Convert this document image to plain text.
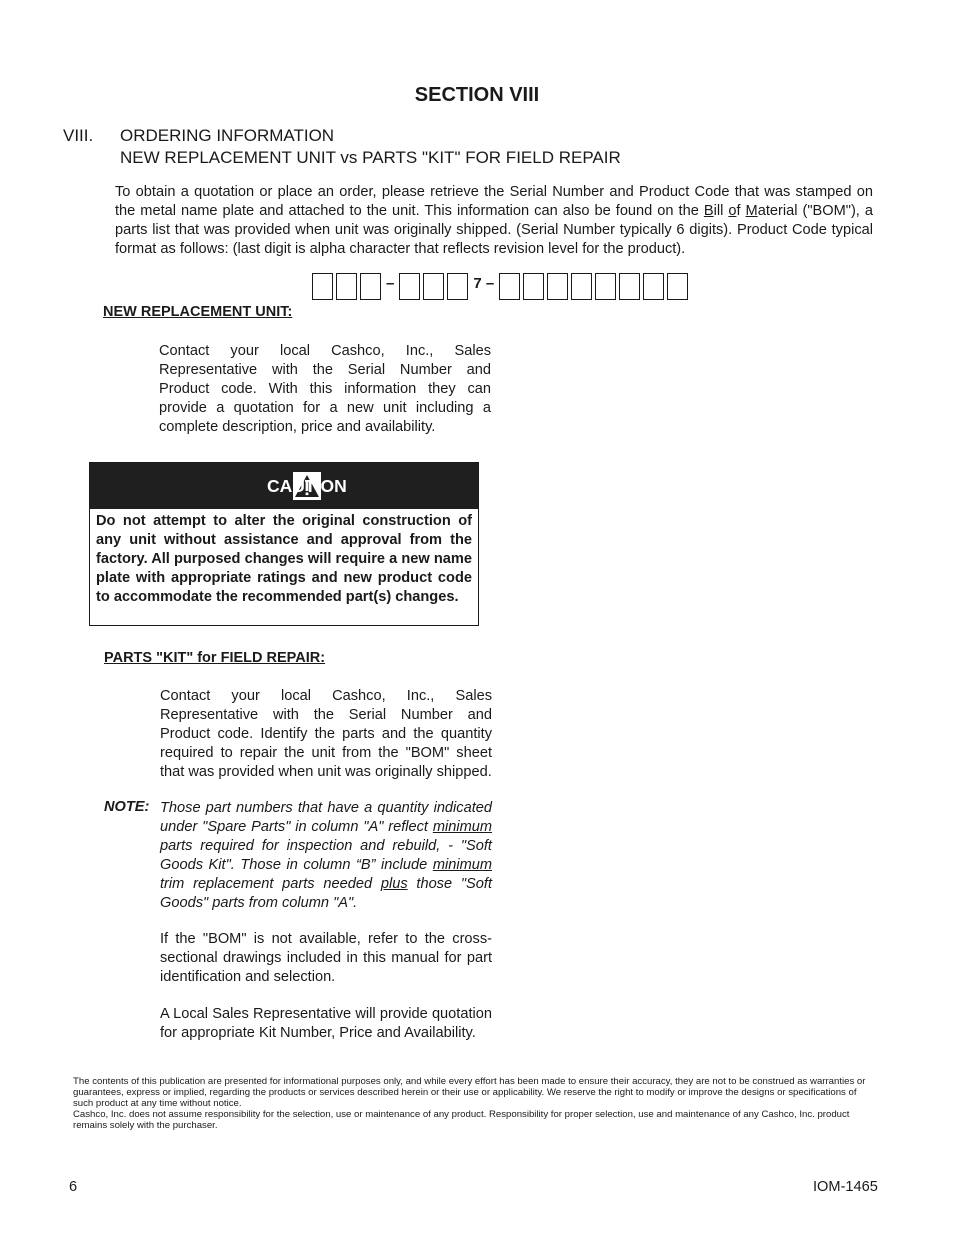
SECTION VIII
VIII. ORDERING INFORMATION
NEW REPLACEMENT UNIT vs PARTS "KIT" FOR FIELD REPAIR
To obtain a quotation or place an order, please retrieve the Serial Number and Product Code that was stamped on the metal name plate and attached to the unit. This information can also be found on the Bill of Material ("BOM"), a parts list that was provided when unit was originally shipped. (Serial Number typically 6 digits). Product Code typical format as follows: (last digit is alpha character that reflects revision level for the product).
–	7 –
NEW REPLACEMENT UNIT:
Contact your local Cashco, Inc., Sales Representative with the Serial Number and Product code. With this information they can provide a quotation for a new unit including a complete description, price and availability.
CAUTION
Do not attempt to alter the original construction of any unit without assistance and approval from the factory. All purposed changes will require a new name plate with appropriate ratings and new product code to accommodate the recommended part(s) changes.
PARTS "KIT" for FIELD REPAIR:
Contact your local Cashco, Inc., Sales Representative with the Serial Number and Product code. Identify the parts and the quantity required to repair the unit from the "BOM" sheet that was provided when unit was originally shipped.
NOTE: Those part numbers that have a quantity indicated under "Spare Parts" in column "A" reflect minimum parts required for inspection and rebuild, - "Soft Goods Kit". Those in column “B” include minimum trim replacement parts needed plus those "Soft Goods" parts from column "A".
If the "BOM" is not available, refer to the cross-sectional drawings included in this manual for part identification and selection.
A Local Sales Representative will provide quotation for appropriate Kit Number, Price and Availability.
The contents of this publication are presented for informational purposes only, and while every effort has been made to ensure their accuracy, they are not to be construed as warranties or guarantees, express or implied, regarding the products or services described herein or their use or applicability. We reserve the right to modify or improve the designs or specifications of such product at any time without notice.
Cashco, Inc. does not assume responsibility for the selection, use or maintenance of any product. Responsibility for proper selection, use and maintenance of any Cashco, Inc. product remains solely with the purchaser.
6	IOM-1465
